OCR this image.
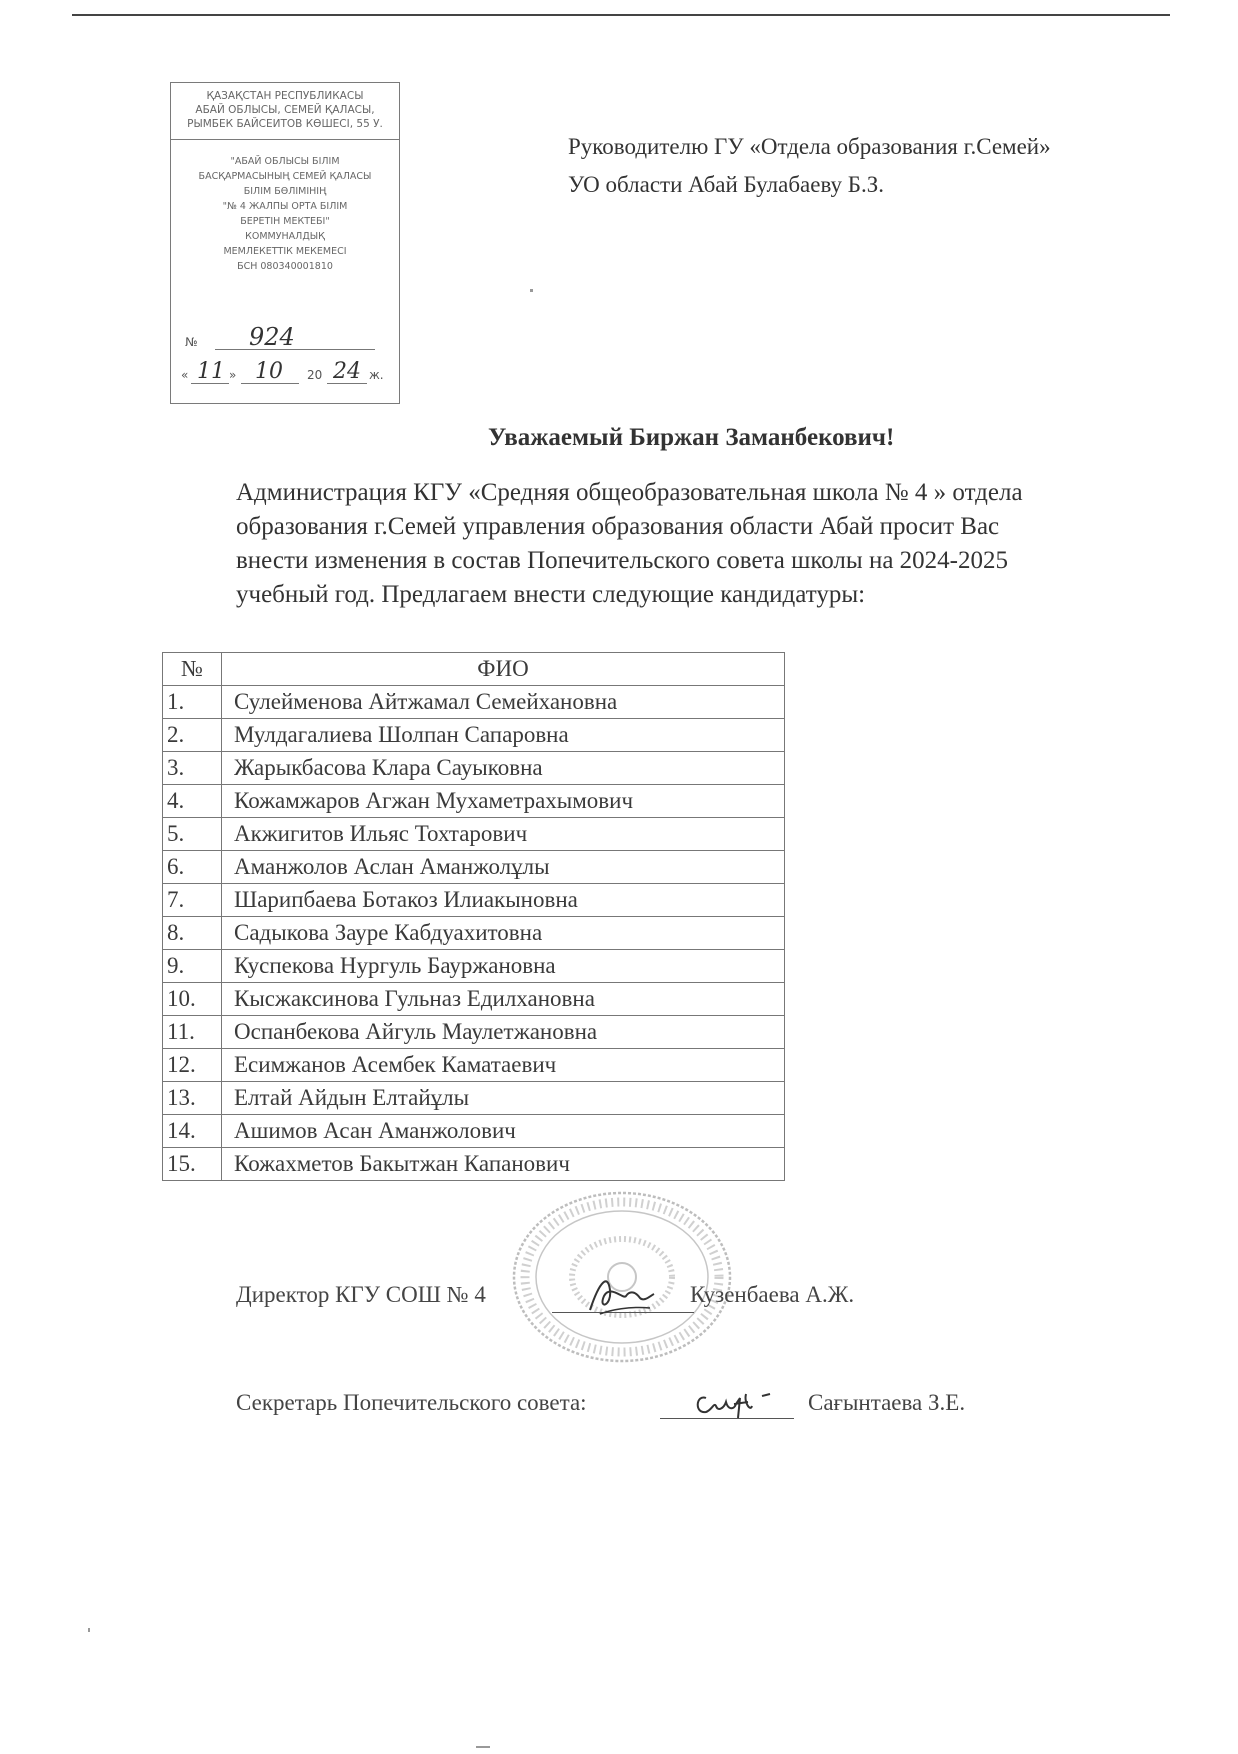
ҚАЗАҚСТАН РЕСПУБЛИКАСЫ
АБАЙ ОБЛЫСЫ, СЕМЕЙ ҚАЛАСЫ,
РЫМБЕК БАЙСЕИТОВ КӨШЕСІ, 55 У.
"АБАЙ ОБЛЫСЫ БІЛІМ
БАСҚАРМАСЫНЫҢ СЕМЕЙ ҚАЛАСЫ
БІЛІМ БӨЛІМІНІҢ
"№ 4 ЖАЛПЫ ОРТА БІЛІМ
БЕРЕТІН МЕКТЕБІ"
КОММУНАЛДЫҚ
МЕМЛЕКЕТТІК МЕКЕМЕСІ
БСН 080340001810
№ 924
« 11 » 10 20 24 ж.
Руководителю ГУ «Отдела образования г.Семей»
УО области Абай Булабаеву Б.З.
Уважаемый Биржан Заманбекович!
Администрация КГУ «Средняя общеобразовательная школа № 4 » отдела
образования г.Семей управления образования области Абай просит Вас
внести изменения в состав Попечительского совета школы на 2024-2025
учебный год. Предлагаем внести следующие кандидатуры:
№	ФИО
1.	Сулейменова Айтжамал Семейхановна
2.	Мулдагалиева Шолпан Сапаровна
3.	Жарыкбасова Клара Сауыковна
4.	Кожамжаров Агжан Мухаметрахымович
5.	Акжигитов Ильяс Тохтарович
6.	Аманжолов Аслан Аманжолұлы
7.	Шарипбаева Ботакоз Илиакыновна
8.	Садыкова Зауре Кабдуахитовна
9.	Куспекова Нургуль Бауржановна
10.	Кысжаксинова Гульназ Едилхановна
11.	Оспанбекова Айгуль Маулетжановна
12.	Есимжанов Асембек Каматаевич
13.	Елтай Айдын Елтайұлы
14.	Ашимов Асан Аманжолович
15.	Кожахметов Бакытжан Капанович
Директор КГУ СОШ № 4	Кузенбаева А.Ж.
Секретарь Попечительского совета:	Сағынтаева З.Е.
